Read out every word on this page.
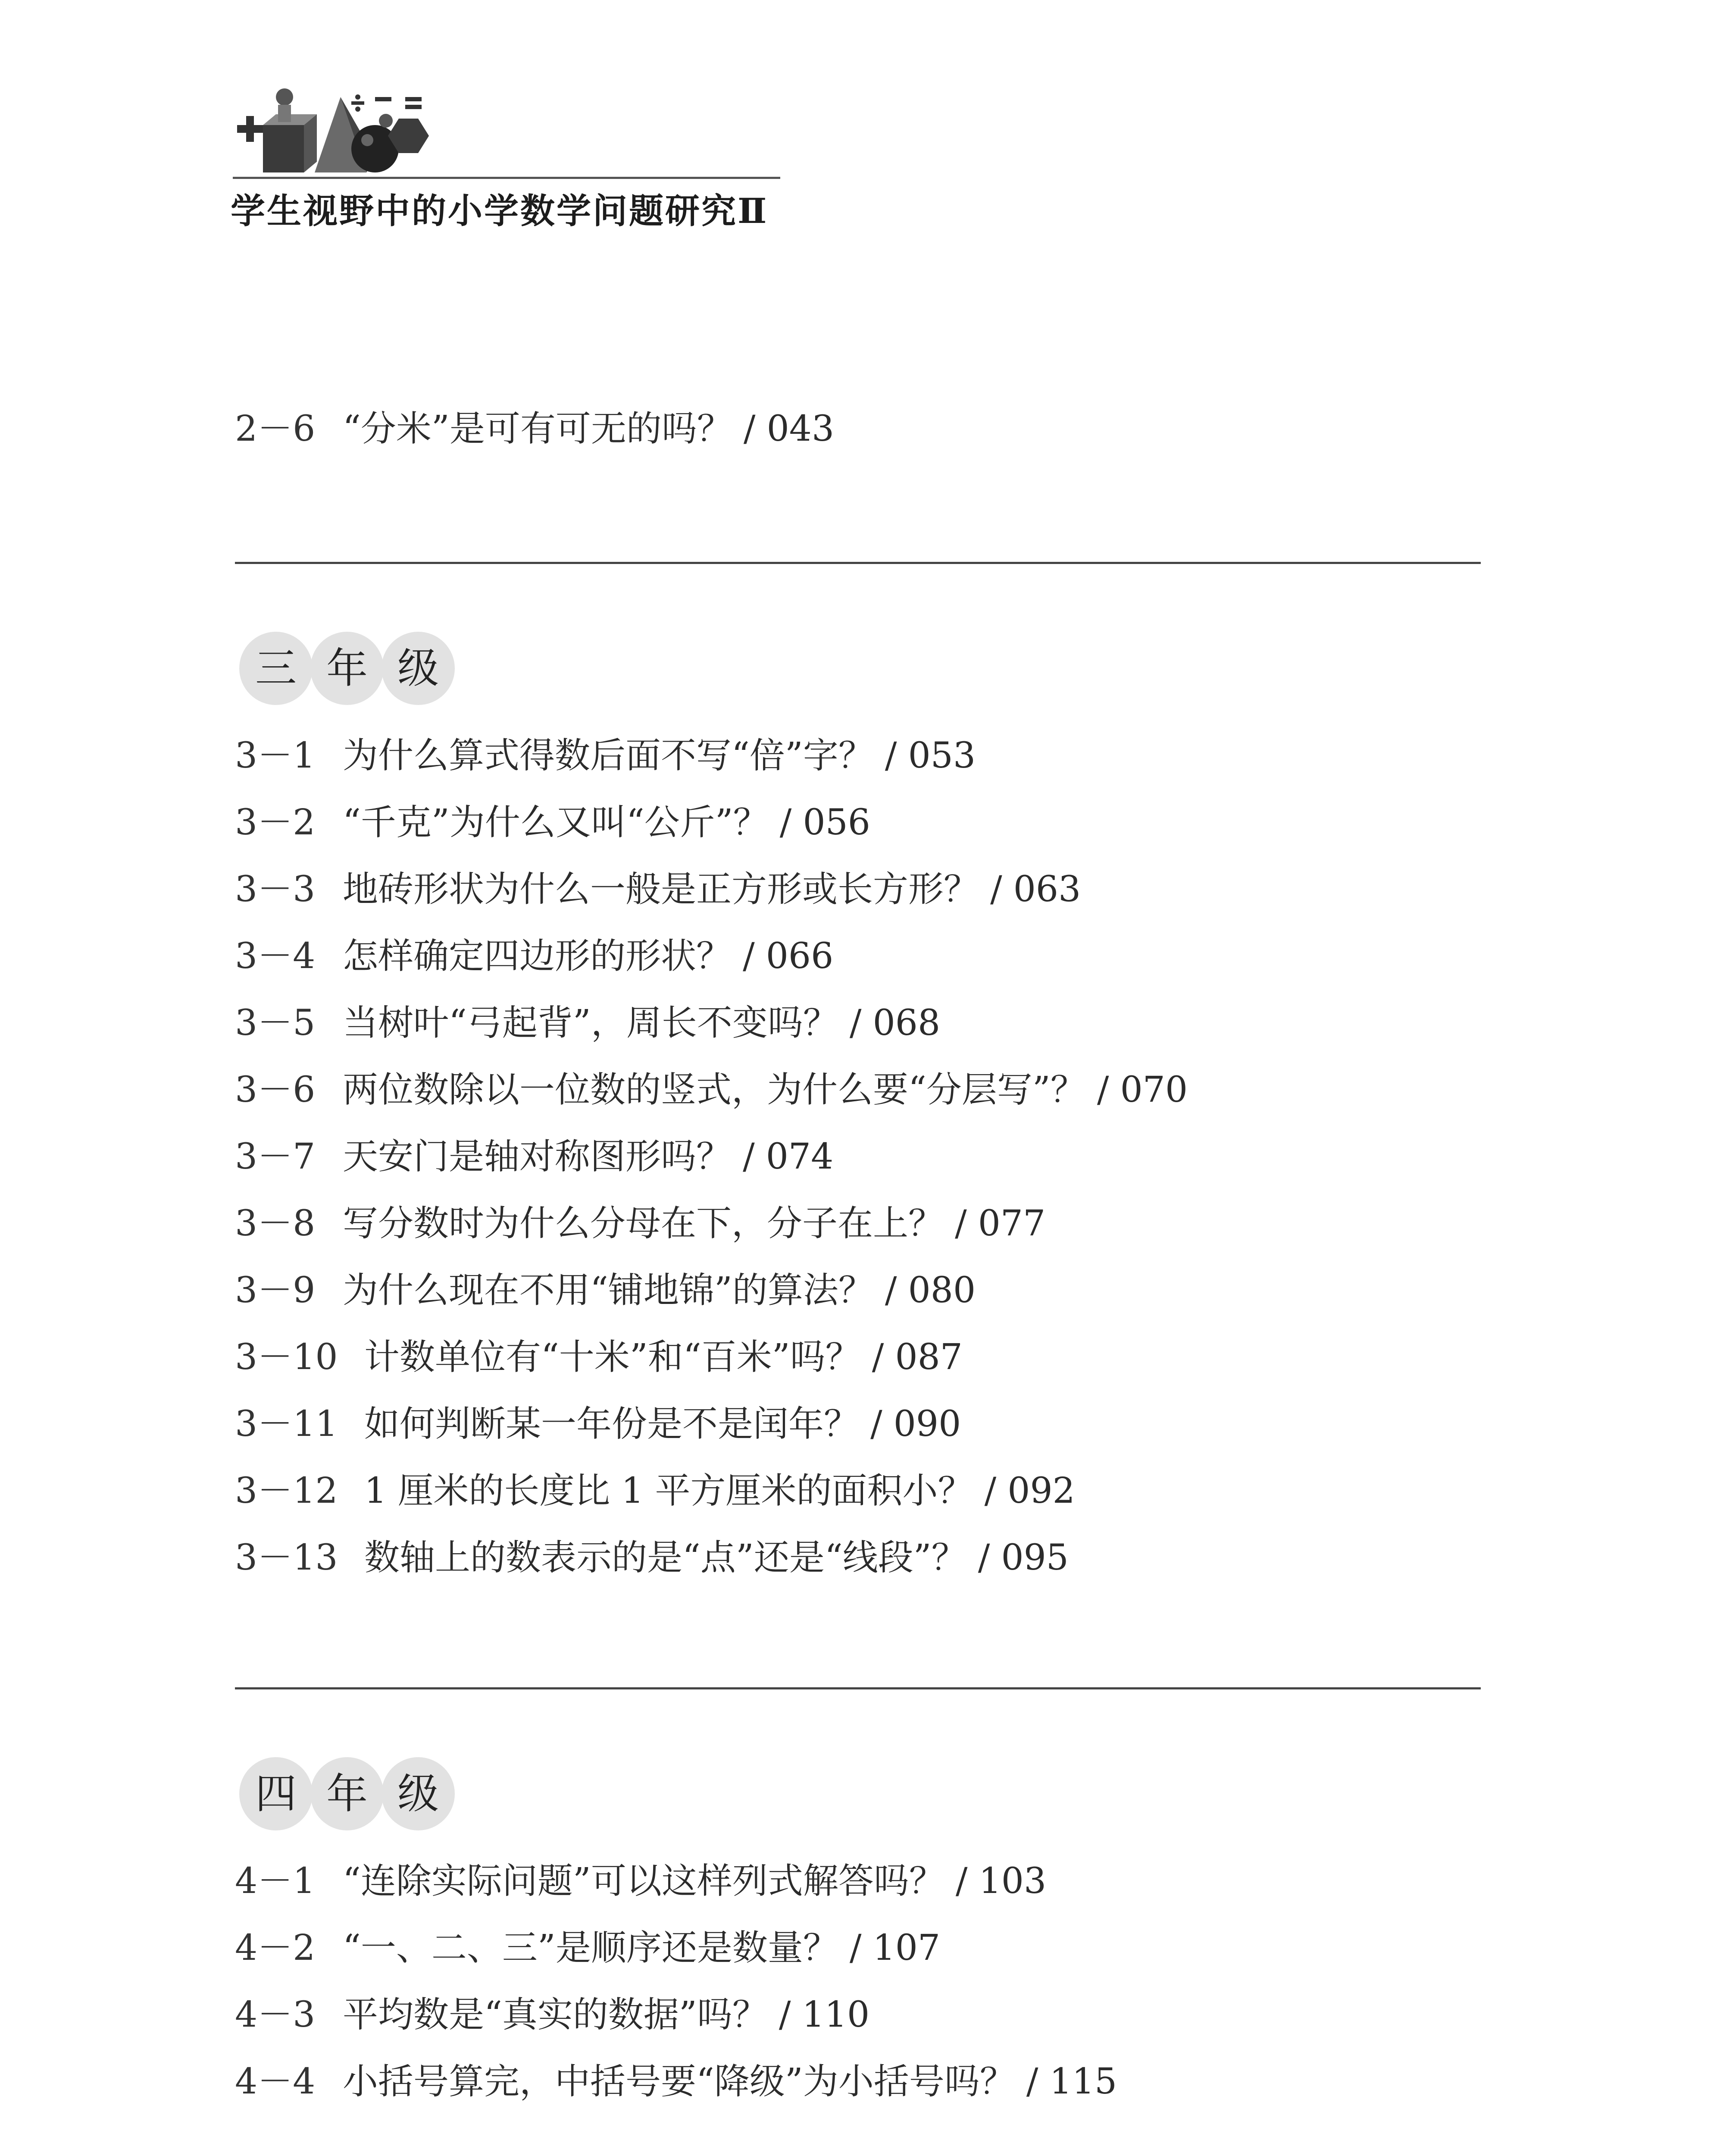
学生视野中的小学数学问题研究Ⅱ
2－6 “分米”是可有可无的吗？ / 043
三 年 级
3－1 为什么算式得数后面不写“倍”字？ / 053
3－2 “千克”为什么又叫“公斤”？ / 056
3－3 地砖形状为什么一般是正方形或长方形？ / 063
3－4 怎样确定四边形的形状？ / 066
3－5 当树叶“弓起背”，周长不变吗？ / 068
3－6 两位数除以一位数的竖式，为什么要“分层写”？ / 070
3－7 天安门是轴对称图形吗？ / 074
3－8 写分数时为什么分母在下，分子在上？ / 077
3－9 为什么现在不用“铺地锦”的算法？ / 080
3－10 计数单位有“十米”和“百米”吗？ / 087
3－11 如何判断某一年份是不是闰年？ / 090
3－12 1 厘米的长度比 1 平方厘米的面积小？ / 092
3－13 数轴上的数表示的是“点”还是“线段”？ / 095
四 年 级
4－1 “连除实际问题”可以这样列式解答吗？ / 103
4－2 “一、二、三”是顺序还是数量？ / 107
4－3 平均数是“真实的数据”吗？ / 110
4－4 小括号算完，中括号要“降级”为小括号吗？ / 115
